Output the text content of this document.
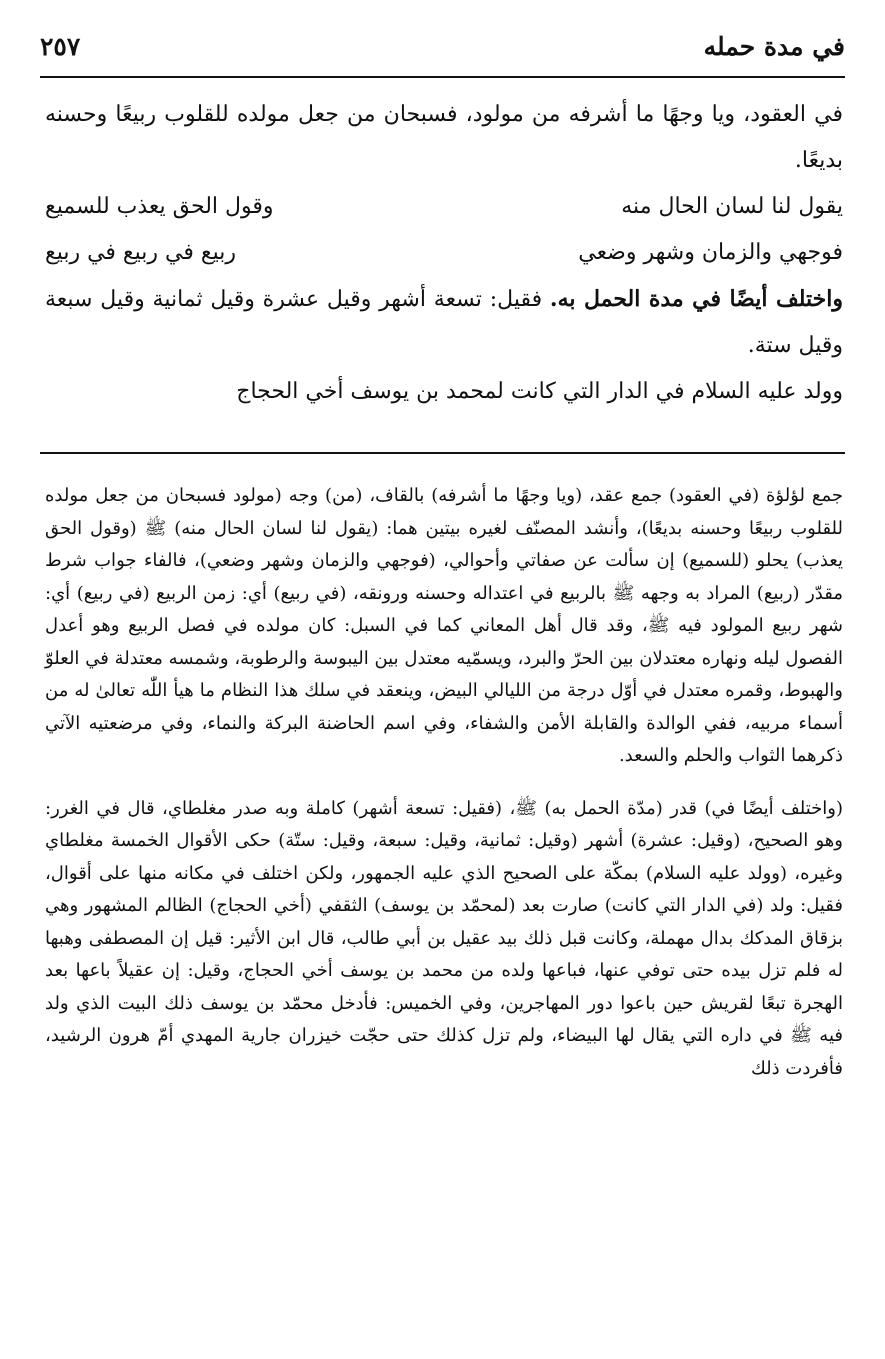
في مدة حمله
٢٥٧

في العقود، ويا وجهًا ما أشرفه من مولود، فسبحان من جعل مولده للقلوب ربيعًا وحسنه بديعًا.

يقول لنا لسان الحال منه
وقول الحق يعذب للسميع
فوجهي والزمان وشهر وضعي
ربيع في ربيع في ربيع

واختلف أيضًا في مدة الحمل به. فقيل: تسعة أشهر وقيل عشرة وقيل ثمانية وقيل سبعة وقيل ستة.

وولد عليه السلام في الدار التي كانت لمحمد بن يوسف أخي الحجاج

جمع لؤلؤة (في العقود) جمع عقد، (ويا وجهًا ما أشرفه) بالقاف، (من) وجه (مولود فسبحان من جعل مولده للقلوب ربيعًا وحسنه بديعًا)، وأنشد المصنّف لغيره بيتين هما: (يقول لنا لسان الحال منه) ﷺ (وقول الحق يعذب) يحلو (للسميع) إن سألت عن صفاتي وأحوالي، (فوجهي والزمان وشهر وضعي)، فالفاء جواب شرط مقدّر (ربيع) المراد به وجهه ﷺ بالربيع في اعتداله وحسنه ورونقه، (في ربيع) أي: زمن الربيع (في ربيع) أي: شهر ربيع المولود فيه ﷺ، وقد قال أهل المعاني كما في السبل: كان مولده في فصل الربيع وهو أعدل الفصول ليله ونهاره معتدلان بين الحرّ والبرد، ويسمّيه معتدل بين اليبوسة والرطوبة، وشمسه معتدلة في العلوّ والهبوط، وقمره معتدل في أوّل درجة من الليالي البيض، وينعقد في سلك هذا النظام ما هيأ اللّٰه تعالىٰ له من أسماء مربيه، ففي الوالدة والقابلة الأمن والشفاء، وفي اسم الحاضنة البركة والنماء، وفي مرضعتيه الآتي ذكرهما الثواب والحلم والسعد.

(واختلف أيضًا في) قدر (مدّة الحمل به) ﷺ، (فقيل: تسعة أشهر) كاملة وبه صدر مغلطاي، قال في الغرر: وهو الصحيح، (وقيل: عشرة) أشهر (وقيل: ثمانية، وقيل: سبعة، وقيل: ستّة) حكى الأقوال الخمسة مغلطاي وغيره، (وولد عليه السلام) بمكّة على الصحيح الذي عليه الجمهور، ولكن اختلف في مكانه منها على أقوال، فقيل: ولد (في الدار التي كانت) صارت بعد (لمحمّد بن يوسف) الثقفي (أخي الحجاج) الظالم المشهور وهي بزقاق المدكك بدال مهملة، وكانت قبل ذلك بيد عقيل بن أبي طالب، قال ابن الأثير: قيل إن المصطفى وهبها له فلم تزل بيده حتى توفي عنها، فباعها ولده من محمد بن يوسف أخي الحجاج، وقيل: إن عقيلاً باعها بعد الهجرة تبعًا لقريش حين باعوا دور المهاجرين، وفي الخميس: فأدخل محمّد بن يوسف ذلك البيت الذي ولد فيه ﷺ في داره التي يقال لها البيضاء، ولم تزل كذلك حتى حجّت خيزران جارية المهدي أمّ هرون الرشيد، فأفردت ذلك
